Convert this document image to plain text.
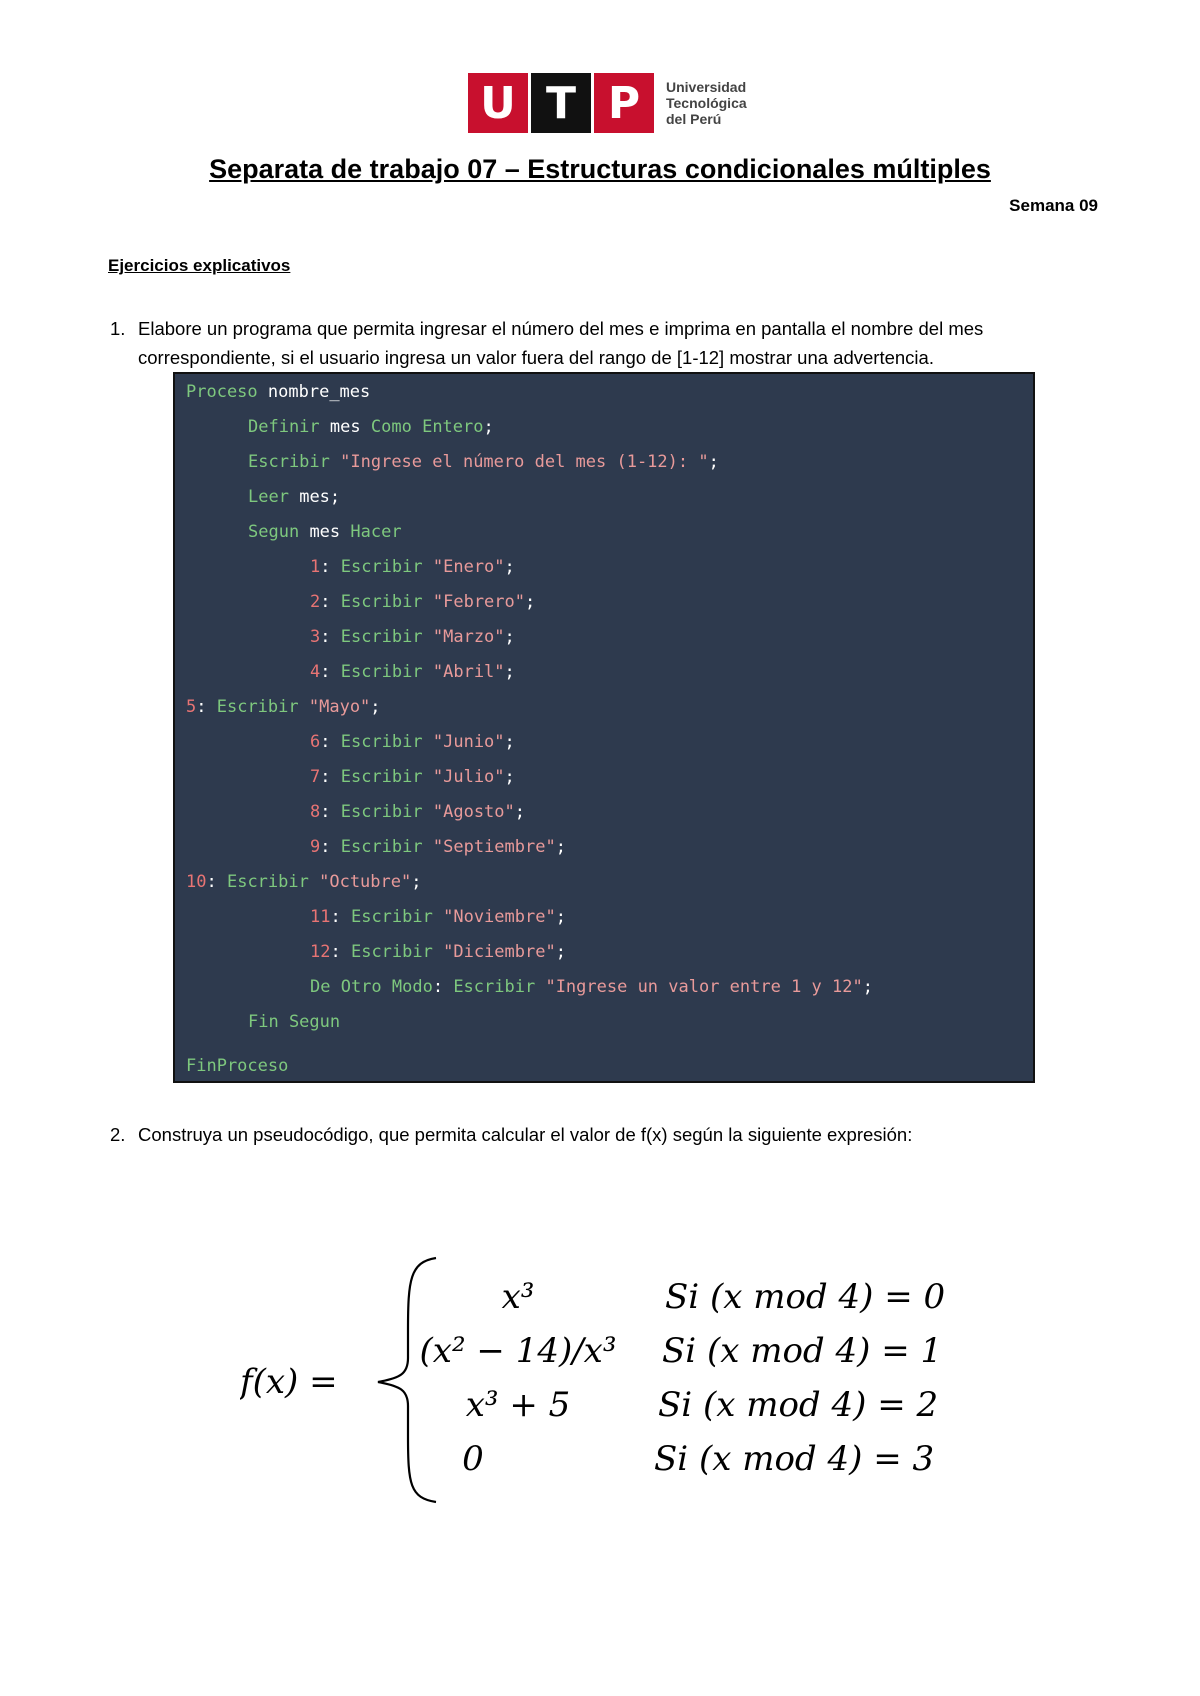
U T P	Universidad
Tecnológica
del Perú
Separata de trabajo 07 – Estructuras condicionales múltiples
Semana 09
Ejercicios explicativos
1. Elabore un programa que permita ingresar el número del mes e imprima en pantalla el nombre del mes correspondiente, si el usuario ingresa un valor fuera del rango de [1-12] mostrar una advertencia.
Proceso nombre_mes
Definir mes Como Entero;
Escribir "Ingrese el número del mes (1-12): ";
Leer mes;
Segun mes Hacer
1: Escribir "Enero";
2: Escribir "Febrero";
3: Escribir "Marzo";
4: Escribir "Abril";
5: Escribir "Mayo";
6: Escribir "Junio";
7: Escribir "Julio";
8: Escribir "Agosto";
9: Escribir "Septiembre";
10: Escribir "Octubre";
11: Escribir "Noviembre";
12: Escribir "Diciembre";
De Otro Modo: Escribir "Ingrese un valor entre 1 y 12";
Fin Segun
FinProceso
2. Construya un pseudocódigo, que permita calcular el valor de f(x) según la siguiente expresión:
f(x) =
x³	Si (x mod 4) = 0
(x² − 14)/x³ Si (x mod 4) = 1
x³ + 5	Si (x mod 4) = 2
0	Si (x mod 4) = 3
